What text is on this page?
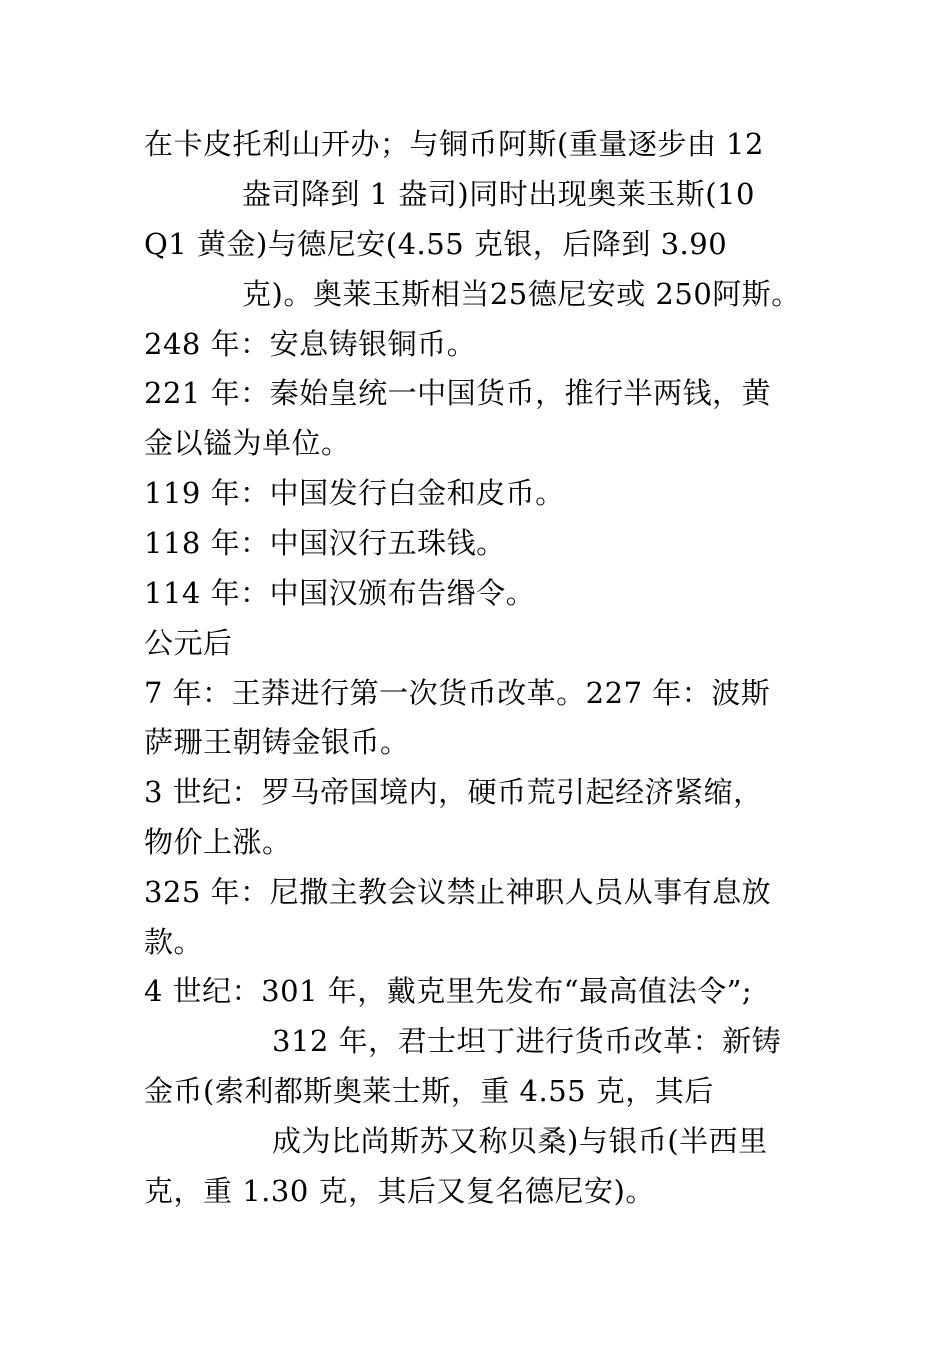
在卡皮托利山开办；与铜币阿斯(重量逐步由 12
盎司降到 1 盎司)同时出现奥莱玉斯(10
Q1 黄金)与德尼安(4.55 克银，后降到 3.90
克)。奥莱玉斯相当25德尼安或 250阿斯。
248 年：安息铸银铜币。
221 年：秦始皇统一中国货币，推行半两钱，黄
金以镒为单位。
119 年：中国发行白金和皮币。
118 年：中国汉行五珠钱。
114 年：中国汉颁布告缗令。
公元后
7 年：王莽进行第一次货币改革。227 年：波斯
萨珊王朝铸金银币。
3 世纪：罗马帝国境内，硬币荒引起经济紧缩，
物价上涨。
325 年：尼撒主教会议禁止神职人员从事有息放
款。
4 世纪：301 年，戴克里先发布“最高值法令”;
312 年，君士坦丁进行货币改革：新铸
金币(索利都斯奥莱士斯，重 4.55 克，其后
成为比尚斯苏又称贝桑)与银币(半西里
克，重 1.30 克，其后又复名德尼安)。
